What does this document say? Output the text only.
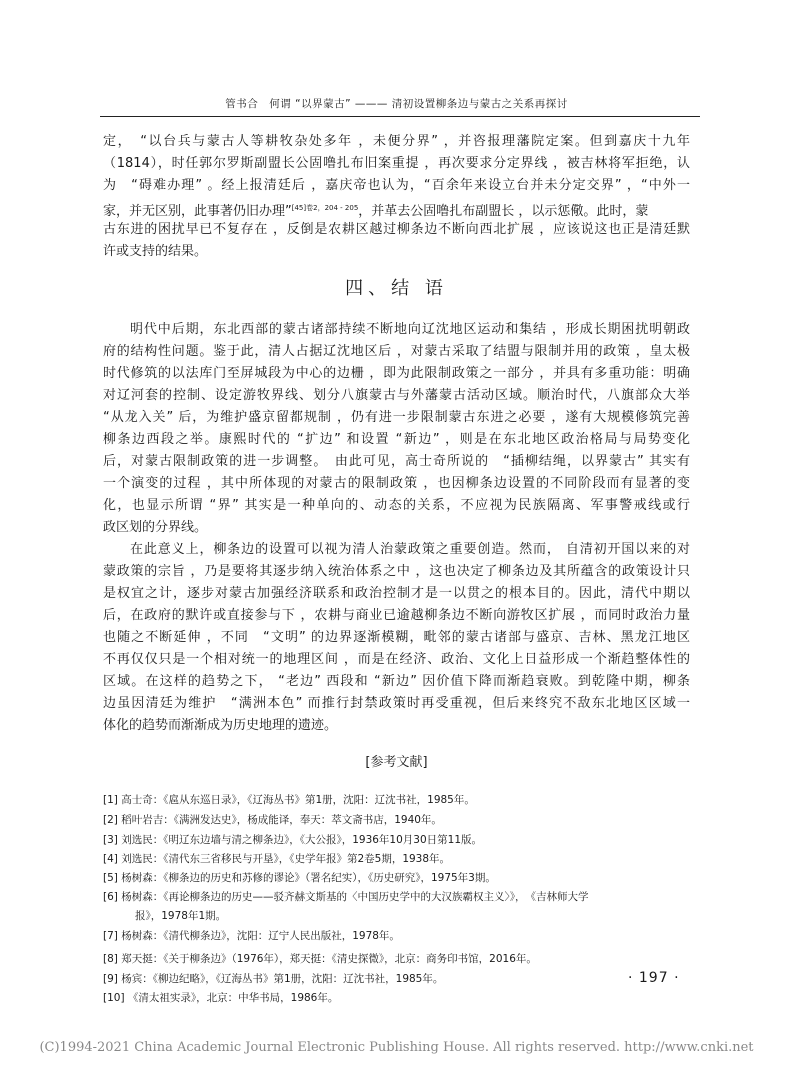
管书合　何谓 “以界蒙古” ——— 清初设置柳条边与蒙古之关系再探讨
定，　“以台兵与蒙古人等耕牧杂处多年 ，未便分界” ，并咨报理藩院定案。但到嘉庆十九年
（1814），时任郭尔罗斯副盟长公固噜扎布旧案重提 ，再次要求分定界线 ，被吉林将军拒绝，认
为　“碍难办理” 。经上报清廷后 ，嘉庆帝也认为，“百余年来设立台并未分定交界” ，“中外一
家，并无区别，此事著仍旧办理”$^{[45]卷2,204 - 205}$，并革去公固噜扎布副盟长 ，以示惩儆。此时，蒙
古东进的困扰早已不复存在 ，反倒是农耕区越过柳条边不断向西北扩展 ，应该说这也正是清廷默
许或支持的结果。
四、结 语
明代中后期，东北西部的蒙古诸部持续不断地向辽沈地区运动和集结 ，形成长期困扰明朝政
府的结构性问题。鉴于此，清人占据辽沈地区后 ，对蒙古采取了结盟与限制并用的政策 ，皇太极
时代修筑的以法库门至屏城段为中心的边栅 ，即为此限制政策之一部分 ，并具有多重功能：明确
对辽河套的控制、设定游牧界线、划分八旗蒙古与外藩蒙古活动区域。顺治时代，八旗部众大举
“从龙入关” 后，为维护盛京留都规制 ，仍有进一步限制蒙古东进之必要 ，遂有大规模修筑完善
柳条边西段之举。康熙时代的 “扩边” 和设置 “新边” ，则是在东北地区政治格局与局势变化
后，对蒙古限制政策的进一步调整。　由此可见，高士奇所说的　“插柳结绳，以界蒙古” 其实有
一个演变的过程 ，其中所体现的对蒙古的限制政策 ，也因柳条边设置的不同阶段而有显著的变
化，也显示所谓 “界” 其实是一种单向的、动态的关系，不应视为民族隔离、军事警戒线或行
政区划的分界线。
在此意义上，柳条边的设置可以视为清人治蒙政策之重要创造。然而， 自清初开国以来的对
蒙政策的宗旨 ，乃是要将其逐步纳入统治体系之中 ，这也决定了柳条边及其所蕴含的政策设计只
是权宜之计，逐步对蒙古加强经济联系和政治控制才是一以贯之的根本目的。因此，清代中期以
后，在政府的默许或直接参与下 ，农耕与商业已逾越柳条边不断向游牧区扩展 ，而同时政治力量
也随之不断延伸 ，不同　“文明” 的边界逐渐模糊，毗邻的蒙古诸部与盛京、吉林、黑龙江地区
不再仅仅只是一个相对统一的地理区间 ，而是在经济、政治、文化上日益形成一个渐趋整体性的
区域。在这样的趋势之下， “老边” 西段和 “新边” 因价值下降而渐趋衰败。到乾隆中期，柳条
边虽因清廷为维护　“满洲本色” 而推行封禁政策时再受重视，但后来终究不敌东北地区区域一
体化的趋势而渐渐成为历史地理的遗迹。
[参考文献]
[1] 高士奇：《扈从东巡日录》，《辽海丛书》第1册，沈阳：辽沈书社，1985年。
[2] 稻叶岩吉：《满洲发达史》，杨成能译，奉天：萃文斋书店，1940年。
[3] 刘选民：《明辽东边墙与清之柳条边》，《大公报》，1936年10月30日第11版。
[4] 刘选民：《清代东三省移民与开垦》，《史学年报》第2卷5期，1938年。
[5] 杨树森：《柳条边的历史和苏修的谬论》（署名纪实），《历史研究》，1975年3期。
[6] 杨树森：《再论柳条边的历史——驳齐赫文斯基的〈中国历史学中的大汉族霸权主义〉》，　《吉林师大学
报》，1978年1期。
[7] 杨树森：《清代柳条边》，沈阳：辽宁人民出版社，1978年。
[8] 郑天挺：《关于柳条边》（1976年），郑天挺：《清史探微》，北京：商务印书馆，2016年。
[9] 杨宾：《柳边纪略》，《辽海丛书》第1册，沈阳：辽沈书社，1985年。
[10] 《清太祖实录》，北京：中华书局，1986年。
· 197 ·
(C)1994-2021 China Academic Journal Electronic Publishing House. All rights reserved. http://www.cnki.net
